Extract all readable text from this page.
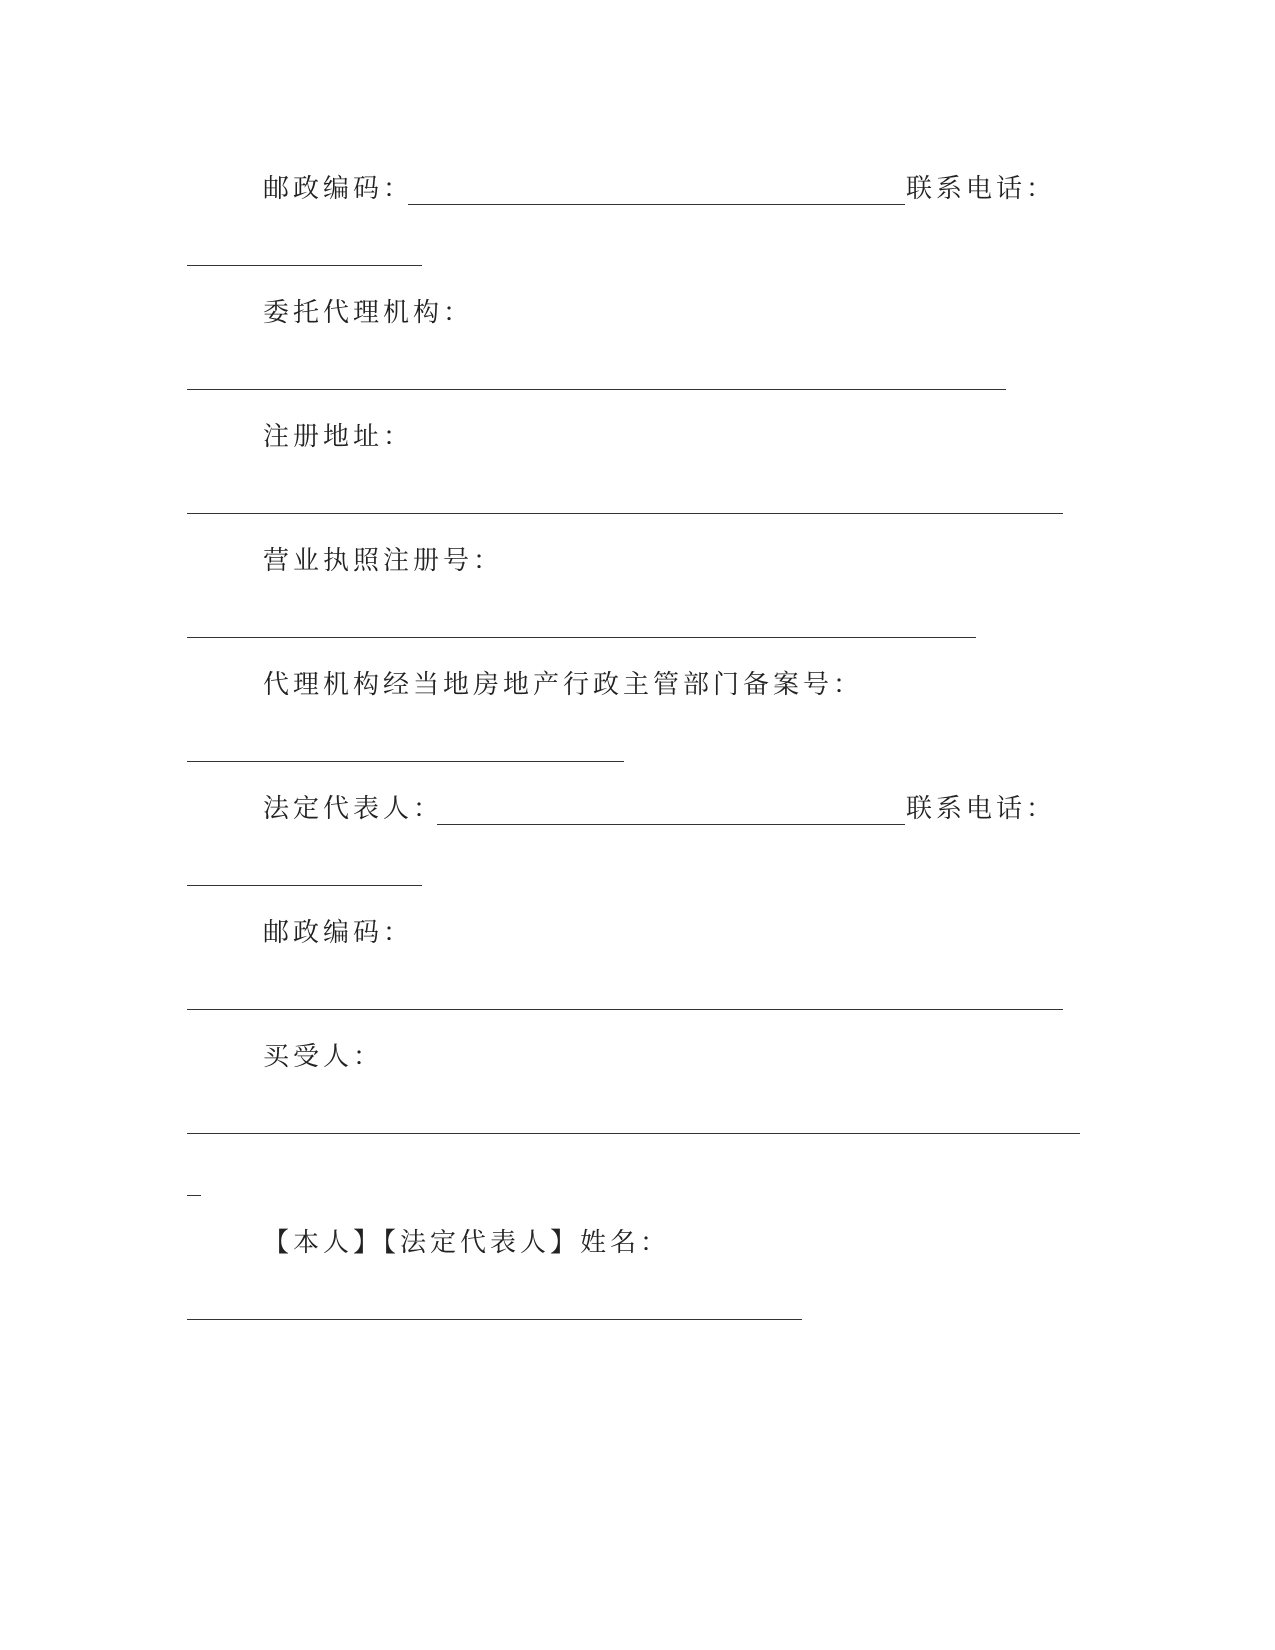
邮政编码：	联系电话：
委托代理机构：
注册地址：
营业执照注册号：
代理机构经当地房地产行政主管部门备案号：
法定代表人：	联系电话：
邮政编码：
买受人：
【本人】【法定代表人】姓名：
